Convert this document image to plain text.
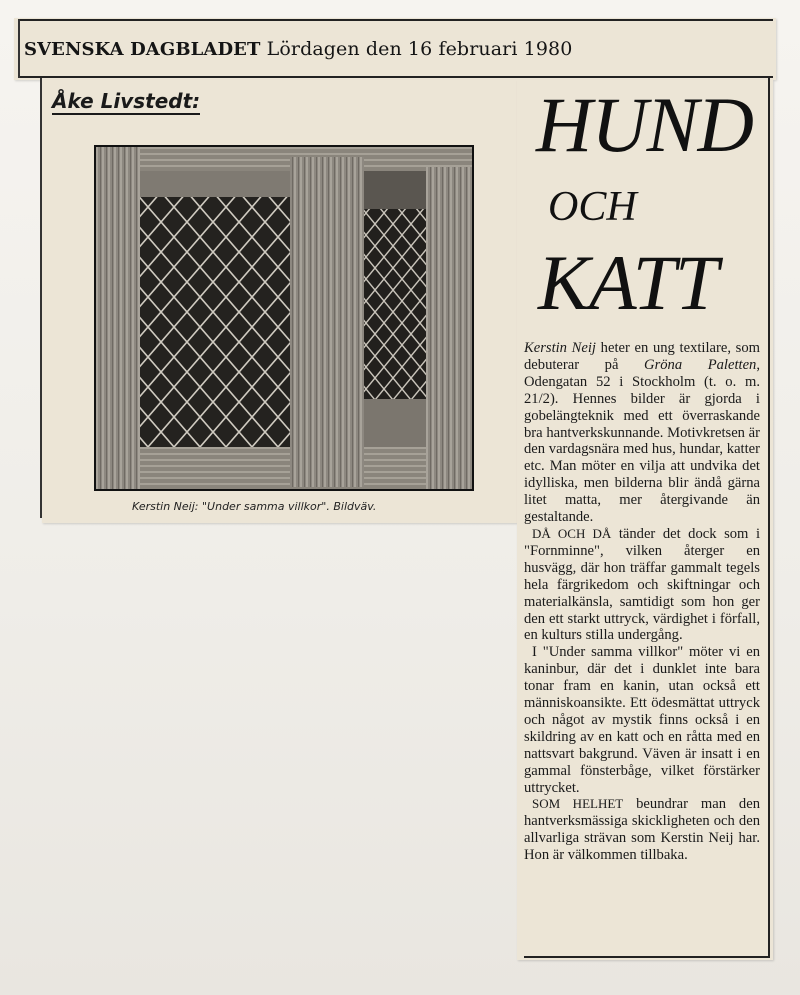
SVENSKA DAGBLADET Lördagen den 16 februari 1980
Åke Livstedt:
Kerstin Neij: "Under samma villkor". Bildväv.
HUND
OCH
KATT

Kerstin Neij heter en ung textilare, som debuterar på Gröna Paletten, Odengatan 52 i Stockholm (t. o. m. 21/2). Hennes bilder är gjorda i gobelängteknik med ett överraskande bra hantverkskunnande. Motivkretsen är den vardagsnära med hus, hundar, katter etc. Man möter en vilja att undvika det idylliska, men bilderna blir ändå gärna litet matta, mer återgivande än gestaltande.

DÅ OCH DÅ tänder det dock som i "Fornminne", vilken återger en husvägg, där hon träffar gammalt tegels hela färgrikedom och skiftningar och materialkänsla, samtidigt som hon ger den ett starkt uttryck, värdighet i förfall, en kulturs stilla undergång.

I "Under samma villkor" möter vi en kaninbur, där det i dunklet inte bara tonar fram en kanin, utan också ett människoansikte. Ett ödesmättat uttryck och något av mystik finns också i en skildring av en katt och en råtta med en nattsvart bakgrund. Väven är insatt i en gammal fönsterbåge, vilket förstärker uttrycket.

SOM HELHET beundrar man den hantverksmässiga skickligheten och den allvarliga strävan som Kerstin Neij har. Hon är välkommen tillbaka.
